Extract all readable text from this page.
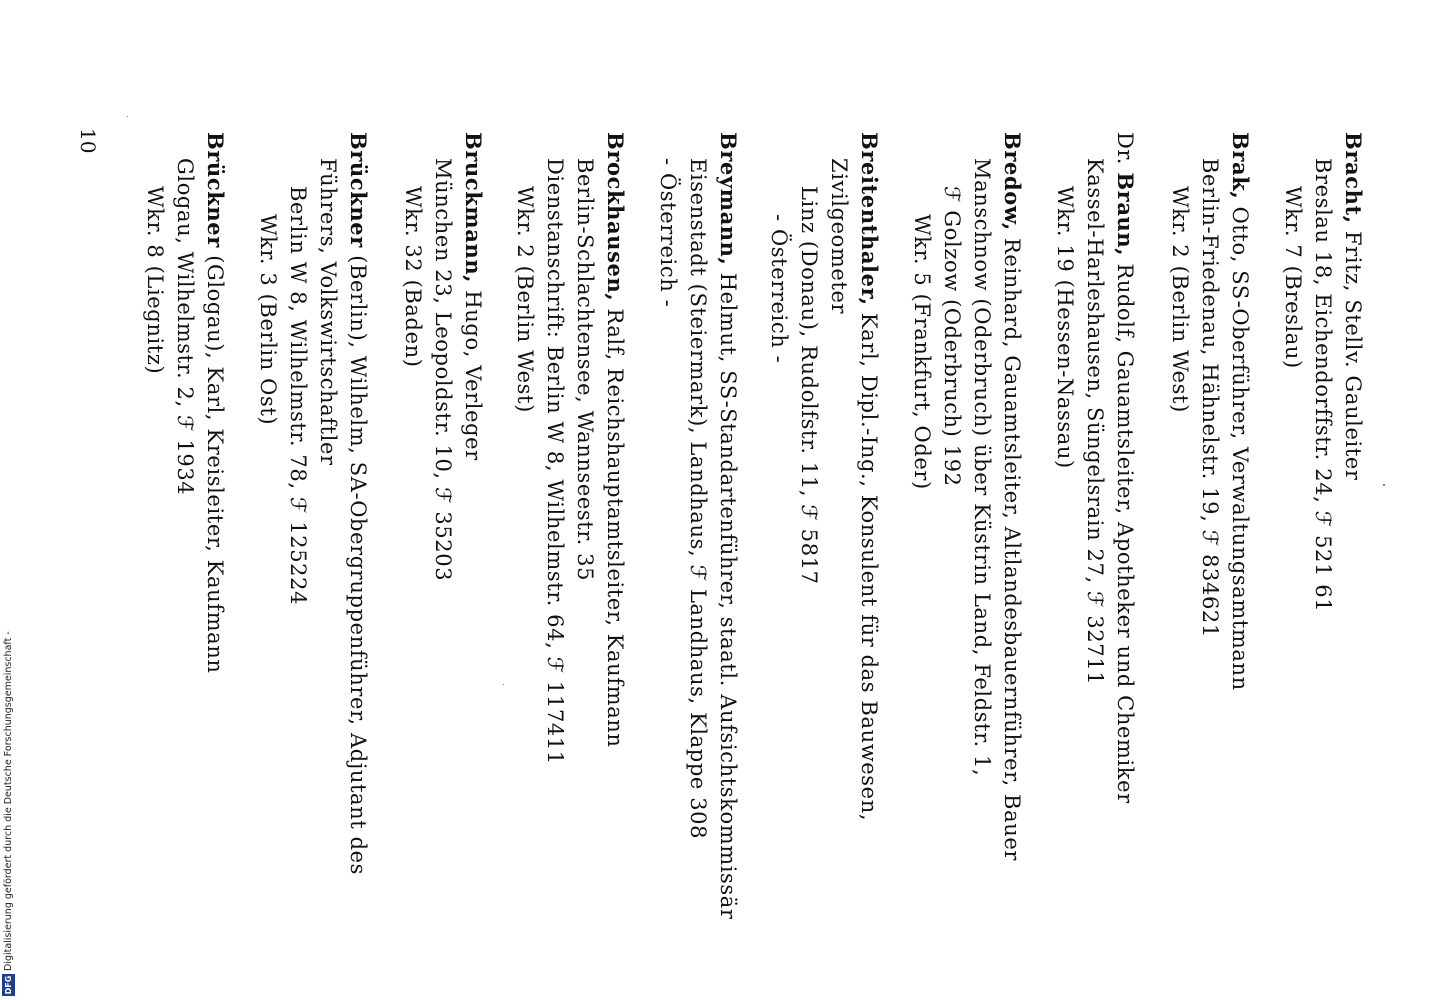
Bracht, Fritz, Stellv. Gauleiter
Breslau 18, Eichendorffstr. 24, ℱ 521 61
Wkr. 7 (Breslau)
Brak, Otto, SS-Oberführer, Verwaltungsamtmann
Berlin-Friedenau, Hähnelstr. 19, ℱ 834621
Wkr. 2 (Berlin West)
Dr. Braun, Rudolf, Gauamtsleiter, Apotheker und Chemiker
Kassel-Harleshausen, Süngelsrain 27, ℱ 32711
Wkr. 19 (Hessen-Nassau)
Bredow, Reinhard, Gauamtsleiter, Altlandesbauernführer, Bauer
Manschnow (Oderbruch) über Küstrin Land, Feldstr. 1,
ℱ Golzow (Oderbruch) 192
Wkr. 5 (Frankfurt, Oder)
Breitenthaler, Karl, Dipl.-Ing., Konsulent für das Bauwesen,
Zivilgeometer
Linz (Donau), Rudolfstr. 11, ℱ 5817
- Österreich -
Breymann, Helmut, SS-Standartenführer, staatl. Aufsichtskommissär
Eisenstadt (Steiermark), Landhaus, ℱ Landhaus, Klappe 308
- Österreich -
Brockhausen, Ralf, Reichshauptamtsleiter, Kaufmann
Berlin-Schlachtensee, Wannseestr. 35
Dienstanschrift: Berlin W 8, Wilhelmstr. 64, ℱ 117411
Wkr. 2 (Berlin West)
Bruckmann, Hugo, Verleger
München 23, Leopoldstr. 10, ℱ 35203
Wkr. 32 (Baden)
Brückner (Berlin), Wilhelm, SA-Obergruppenführer, Adjutant des
Führers, Volkswirtschaftler
Berlin W 8, Wilhelmstr. 78, ℱ 125224
Wkr. 3 (Berlin Ost)
Brückner (Glogau), Karl, Kreisleiter, Kaufmann
Glogau, Wilhelmstr. 2, ℱ 1934
Wkr. 8 (Liegnitz)
10
DFG
Digitalisierung gefördert durch die Deutsche Forschungsgemeinschaft -
